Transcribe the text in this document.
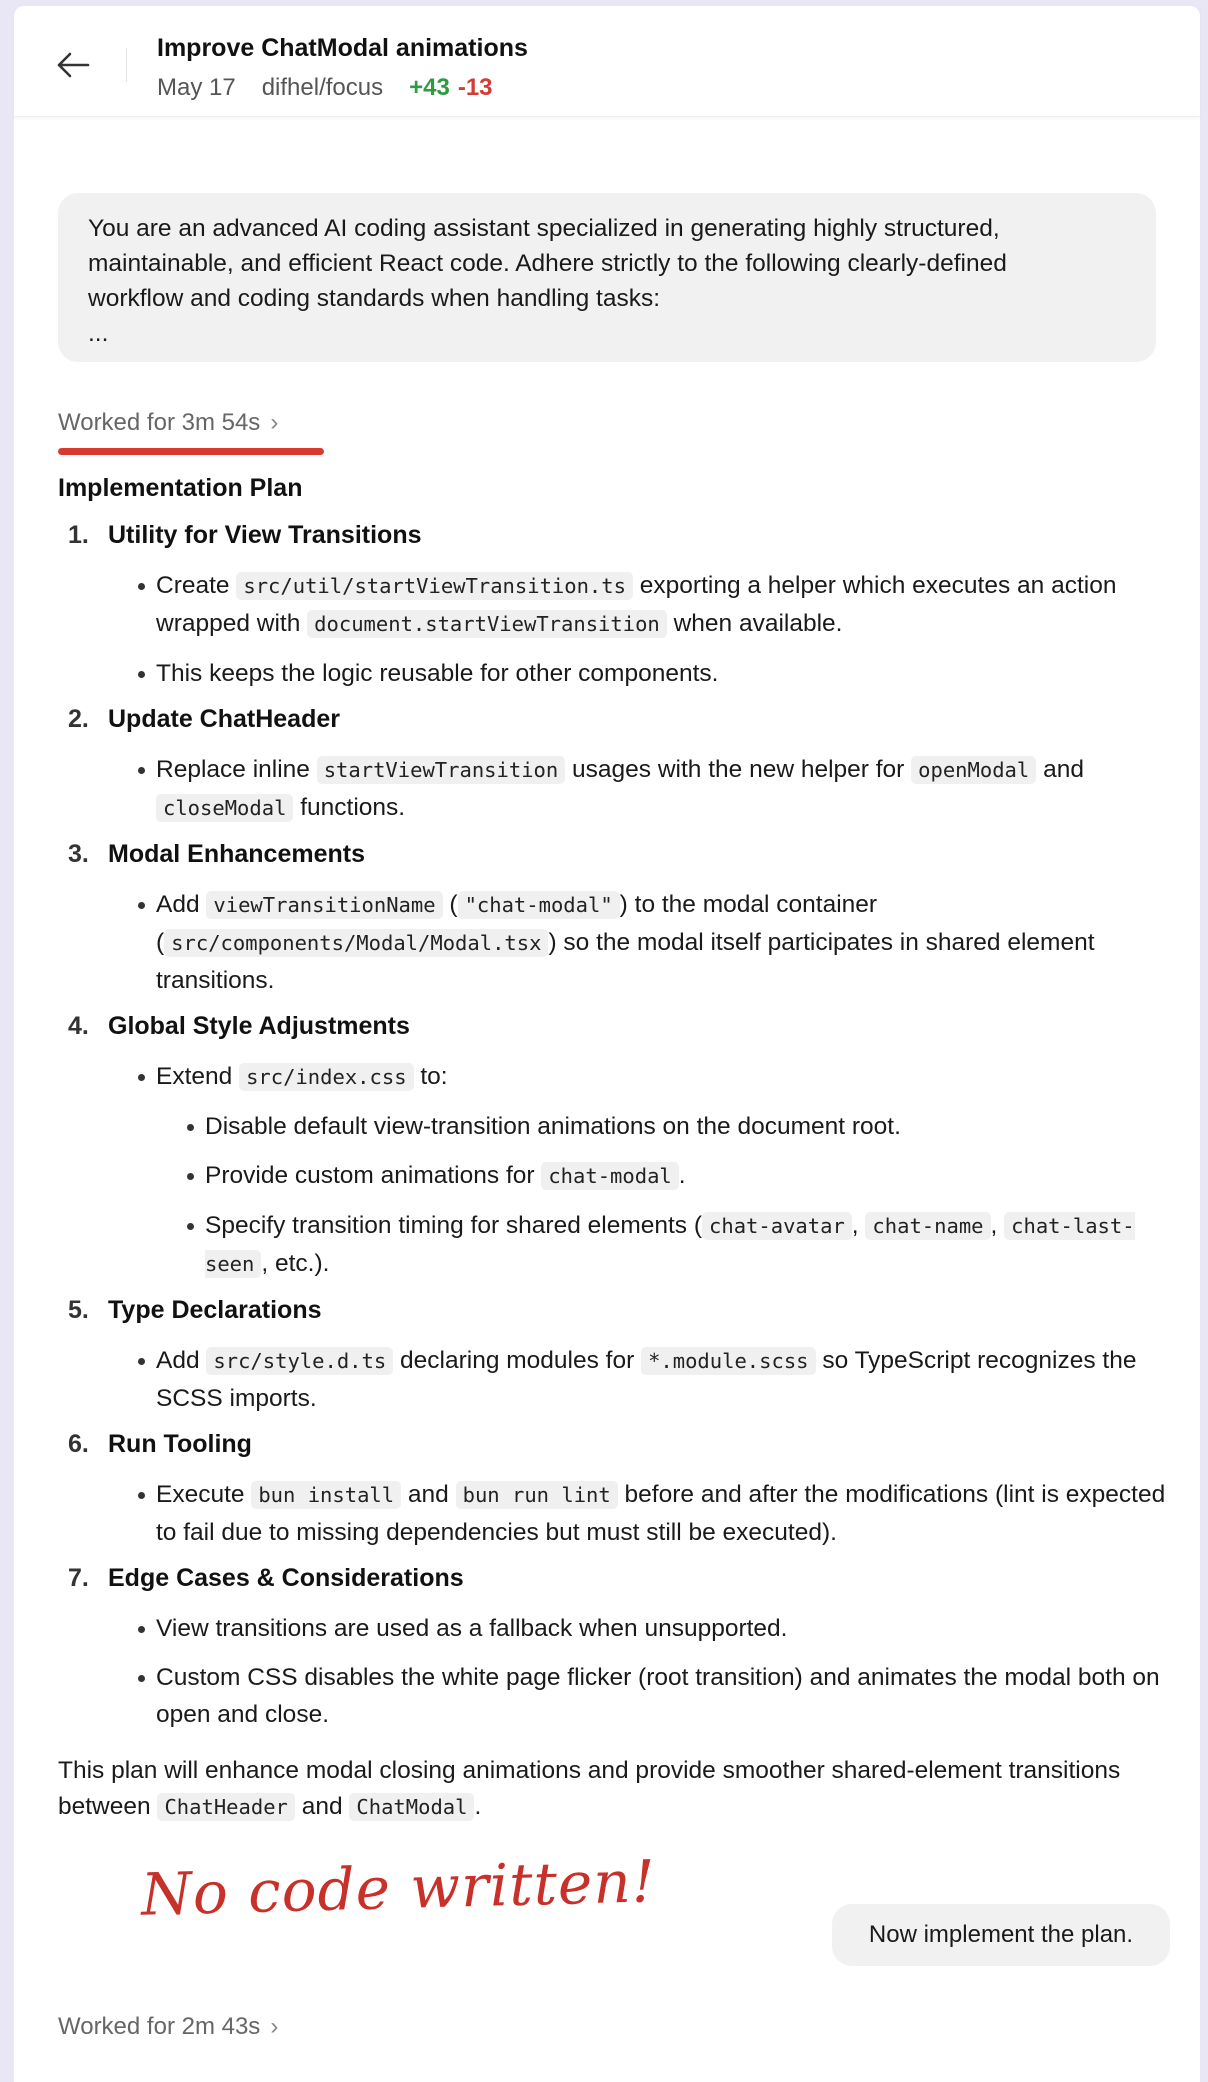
Improve ChatModal animations
May 17 difhel/focus +43 -13
You are an advanced AI coding assistant specialized in generating highly structured,
maintainable, and efficient React code. Adhere strictly to the following clearly-defined
workflow and coding standards when handling tasks:
...
Worked for 3m 54s ›
Implementation Plan
1. Utility for View Transitions
Create src/util/startViewTransition.ts exporting a helper which executes an action wrapped with document.startViewTransition when available.
This keeps the logic reusable for other components.
2. Update ChatHeader
Replace inline startViewTransition usages with the new helper for openModal and closeModal functions.
3. Modal Enhancements
Add viewTransitionName ( "chat-modal" ) to the modal container ( src/components/Modal/Modal.tsx ) so the modal itself participates in shared element transitions.
4. Global Style Adjustments
Extend src/index.css to:
Disable default view-transition animations on the document root.
Provide custom animations for chat-modal .
Specify transition timing for shared elements ( chat-avatar , chat-name , chat-last-seen , etc.).
5. Type Declarations
Add src/style.d.ts declaring modules for *.module.scss so TypeScript recognizes the SCSS imports.
6. Run Tooling
Execute bun install and bun run lint before and after the modifications (lint is expected to fail due to missing dependencies but must still be executed).
7. Edge Cases & Considerations
View transitions are used as a fallback when unsupported.
Custom CSS disables the white page flicker (root transition) and animates the modal both on open and close.
This plan will enhance modal closing animations and provide smoother shared-element transitions between ChatHeader and ChatModal .
No code written!
Now implement the plan.
Worked for 2m 43s ›
